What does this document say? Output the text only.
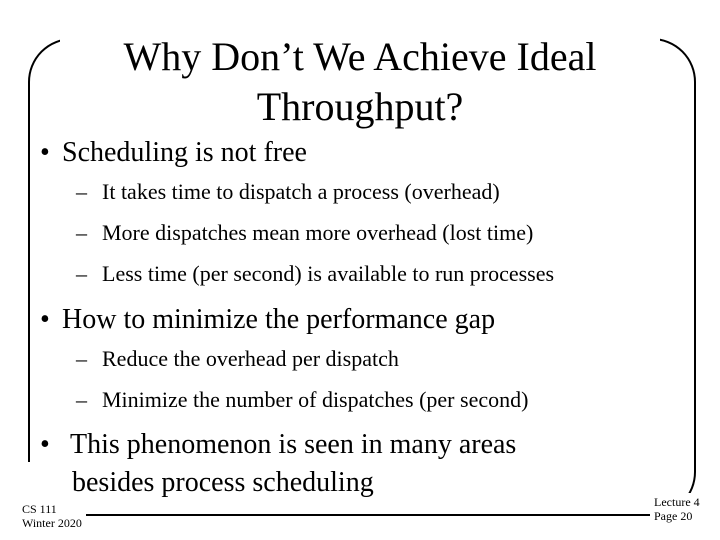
Why Don’t We Achieve Ideal
Throughput?
• Scheduling is not free
– It takes time to dispatch a process (overhead)
– More dispatches mean more overhead (lost time)
– Less time (per second) is available to run processes
• How to minimize the performance gap
– Reduce the overhead per dispatch
– Minimize the number of dispatches (per second)
• This phenomenon is seen in many areas
besides process scheduling
CS 111
Winter 2020
Lecture 4
Page 20
